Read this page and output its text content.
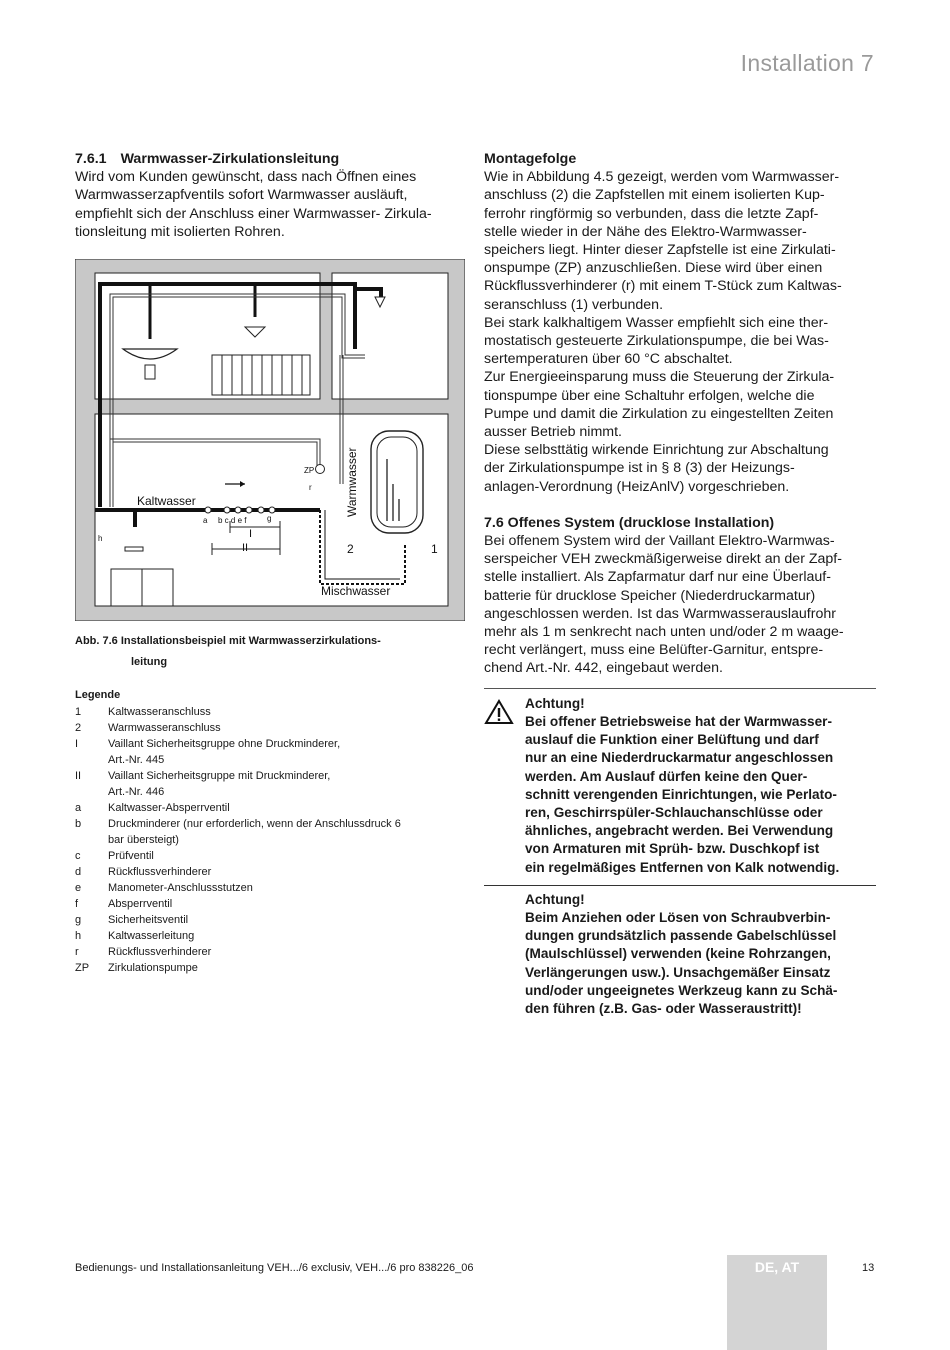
Installation 7

7.6.1 Warmwasser-Zirkulationsleitung

Wird vom Kunden gewünscht, dass nach Öffnen eines

Warmwasserzapfventils sofort Warmwasser ausläuft,

empfiehlt sich der Anschluss einer Warmwasser- Zirkula-

tionsleitung mit isolierten Rohren.

Kaltwasser	Warmwasser
Mischwasser
ZP
r
h
a b c d e f	g
I
II	2	1
Abb. 7.6 Installationsbeispiel mit Warmwasserzirkulations-
leitung
Legende
1	Kaltwasseranschluss
2	Warmwasseranschluss
I	Vaillant Sicherheitsgruppe ohne Druckminderer,
Art.-Nr. 445
II	Vaillant Sicherheitsgruppe mit Druckminderer,
Art.-Nr. 446
a	Kaltwasser-Absperrventil
b	Druckminderer (nur erforderlich, wenn der Anschlussdruck 6
bar übersteigt)
c	Prüfventil
d	Rückflussverhinderer
e	Manometer-Anschlussstutzen
f	Absperrventil
g	Sicherheitsventil
h	Kaltwasserleitung
r	Rückflussverhinderer
ZP	Zirkulationspumpe

Montagefolge

Wie in Abbildung 4.5 gezeigt, werden vom Warmwasser-

anschluss (2) die Zapfstellen mit einem isolierten Kup-

ferrohr ringförmig so verbunden, dass die letzte Zapf-

stelle wieder in der Nähe des Elektro-Warmwasser-

speichers liegt. Hinter dieser Zapfstelle ist eine Zirkulati-

onspumpe (ZP) anzuschließen. Diese wird über einen

Rückflussverhinderer (r) mit einem T-Stück zum Kaltwas-

seranschluss (1) verbunden.

Bei stark kalkhaltigem Wasser empfiehlt sich eine ther-

mostatisch gesteuerte Zirkulationspumpe, die bei Was-

sertemperaturen über 60 °C abschaltet.

Zur Energieeinsparung muss die Steuerung der Zirkula-

tionspumpe über eine Schaltuhr erfolgen, welche die

Pumpe und damit die Zirkulation zu eingestellten Zeiten

ausser Betrieb nimmt.

Diese selbsttätig wirkende Einrichtung zur Abschaltung

der Zirkulationspumpe ist in § 8 (3) der Heizungs-

anlagen-Verordnung (HeizAnlV) vorgeschrieben.

7.6 Offenes System (drucklose Installation)

Bei offenem System wird der Vaillant Elektro-Warmwas-

serspeicher VEH zweckmäßigerweise direkt an der Zapf-

stelle installiert. Als Zapfarmatur darf nur eine Überlauf-

batterie für drucklose Speicher (Niederdruckarmatur)

angeschlossen werden. Ist das Warmwasserauslaufrohr

mehr als 1 m senkrecht nach unten und/oder 2 m waage-

recht verlängert, muss eine Belüfter-Garnitur, entspre-

chend Art.-Nr. 442, eingebaut werden.

Achtung!
Bei offener Betriebsweise hat der Warmwasser-
auslauf die Funktion einer Belüftung und darf
nur an eine Niederdruckarmatur angeschlossen
werden. Am Auslauf dürfen keine den Quer-
schnitt verengenden Einrichtungen, wie Perlato-
ren, Geschirrspüler-Schlauchanschlüsse oder
ähnliches, angebracht werden. Bei Verwendung
von Armaturen mit Sprüh- bzw. Duschkopf ist
ein regelmäßiges Entfernen von Kalk notwendig.
Achtung!
Beim Anziehen oder Lösen von Schraubverbin-
dungen grundsätzlich passende Gabelschlüssel
(Maulschlüssel) verwenden (keine Rohrzangen,
Verlängerungen usw.). Unsachgemäßer Einsatz
und/oder ungeeignetes Werkzeug kann zu Schä-
den führen (z.B. Gas- oder Wasseraustritt)!
Bedienungs- und Installationsanleitung VEH.../6 exclusiv, VEH.../6 pro 838226_06	DE, AT	13
